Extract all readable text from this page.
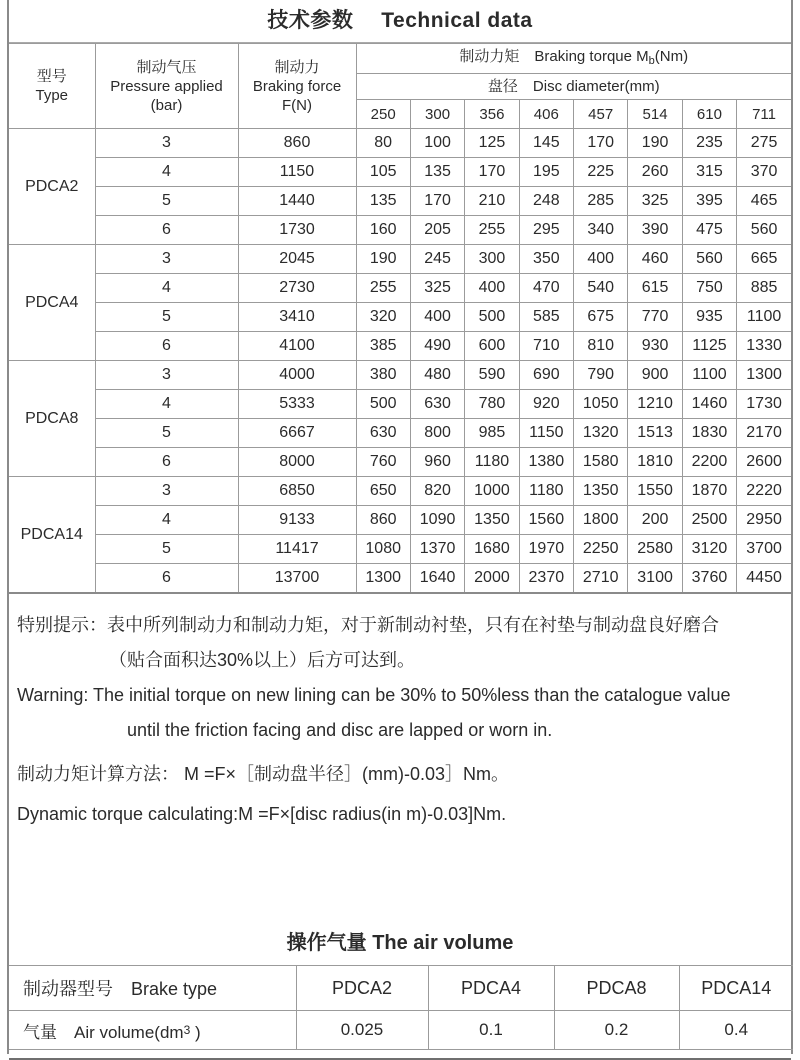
技术参数　 Technical data
型号
Type	制动气压
Pressure applied
(bar)	制动力
Braking force
F(N)	制动力矩　Braking torque $M_b(Nm)$							
			盘径　Disc diameter(mm)							
			250	300	356	406	457	514	610	711
PDCA2	3	860	80	100	125	145	170	190	235	275
	4	1150	105	135	170	195	225	260	315	370
	5	1440	135	170	210	248	285	325	395	465
	6	1730	160	205	255	295	340	390	475	560
PDCA4	3	2045	190	245	300	350	400	460	560	665
	4	2730	255	325	400	470	540	615	750	885
	5	3410	320	400	500	585	675	770	935	1100
	6	4100	385	490	600	710	810	930	1125	1330
PDCA8	3	4000	380	480	590	690	790	900	1100	1300
	4	5333	500	630	780	920	1050	1210	1460	1730
	5	6667	630	800	985	1150	1320	1513	1830	2170
	6	8000	760	960	1180	1380	1580	1810	2200	2600
PDCA14	3	6850	650	820	1000	1180	1350	1550	1870	2220
	4	9133	860	1090	1350	1560	1800	200	2500	2950
	5	11417	1080	1370	1680	1970	2250	2580	3120	3700
	6	13700	1300	1640	2000	2370	2710	3100	3760	4450

特别提示：表中所列制动力和制动力矩，对于新制动衬垫，只有在衬垫与制动盘良好磨合

（贴合面积达30%以上）后方可达到。

Warning: The initial torque on new lining can be 30% to 50%less than the catalogue value

until the friction facing and disc are lapped or worn in.

制动力矩计算方法： M =F×［制动盘半径］(mm)-0.03］Nm。

Dynamic torque calculating:M =F×[disc radius(in m)-0.03]Nm.

操作气量 The air volume
制动器型号　Brake type	PDCA2	PDCA4	PDCA8	PDCA14
气量　Air $volume(dm^3$ )	0.025	0.1	0.2	0.4
